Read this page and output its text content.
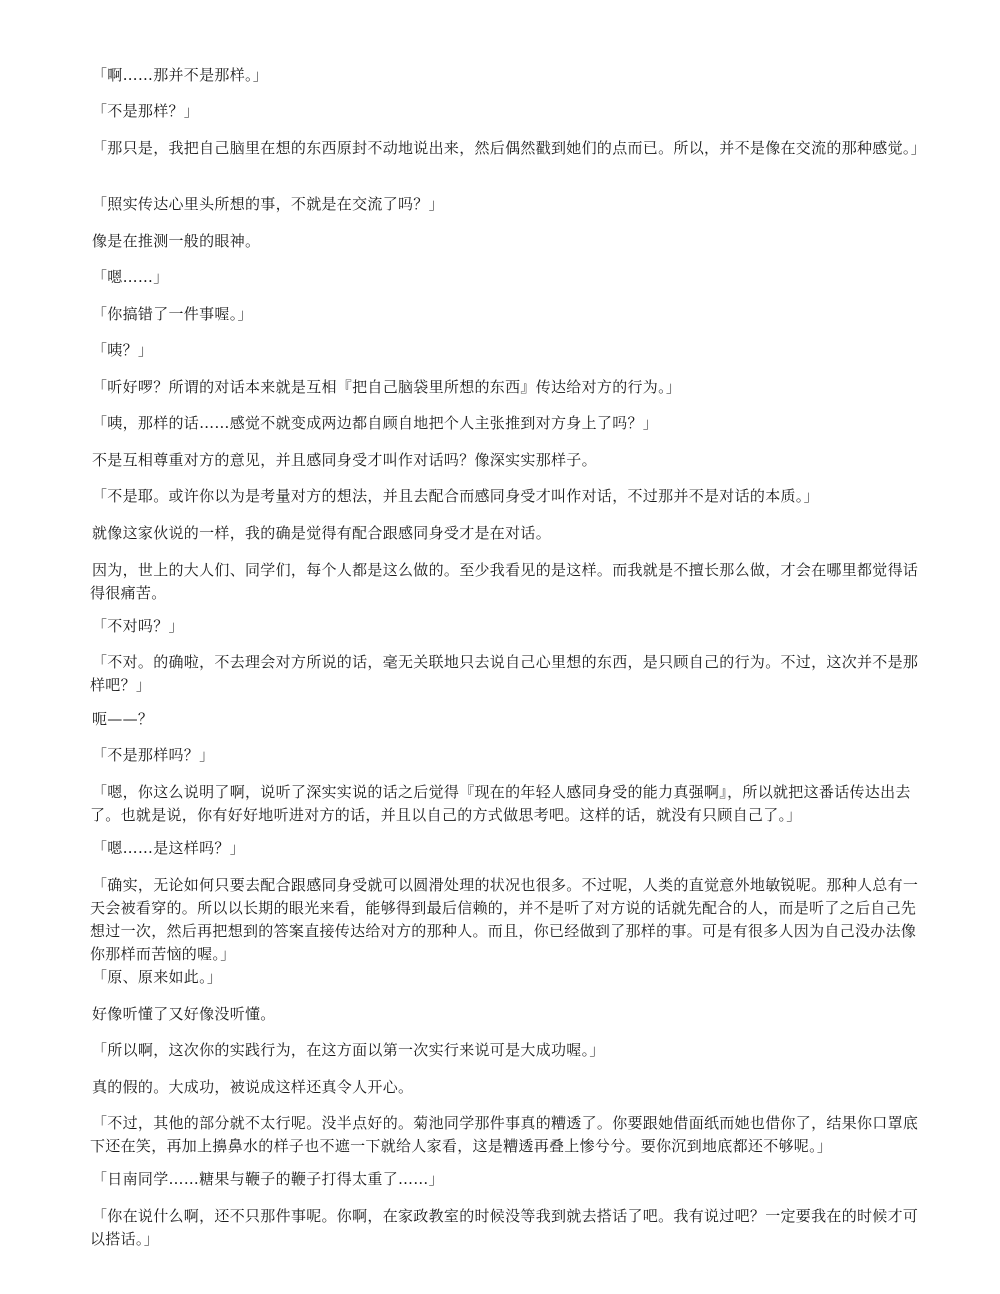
「啊……那并不是那样。」

「不是那样？」

「那只是，我把自己脑里在想的东西原封不动地说出来，然后偶然戳到她们的点而已。所以，并不是像在交流的那种感觉。」

「照实传达心里头所想的事，不就是在交流了吗？」

像是在推测一般的眼神。

「嗯……」

「你搞错了一件事喔。」

「咦？」

「听好啰？所谓的对话本来就是互相『把自己脑袋里所想的东西』传达给对方的行为。」

「咦，那样的话……感觉不就变成两边都自顾自地把个人主张推到对方身上了吗？」

不是互相尊重对方的意见，并且感同身受才叫作对话吗？像深实实那样子。

「不是耶。或许你以为是考量对方的想法，并且去配合而感同身受才叫作对话，不过那并不是对话的本质。」

就像这家伙说的一样，我的确是觉得有配合跟感同身受才是在对话。

因为，世上的大人们、同学们，每个人都是这么做的。至少我看见的是这样。而我就是不擅长那么做，才会在哪里都觉得话得很痛苦。

「不对吗？」

「不对。的确啦，不去理会对方所说的话，毫无关联地只去说自己心里想的东西，是只顾自己的行为。不过，这次并不是那样吧？」

呃——？

「不是那样吗？」

「嗯，你这么说明了啊，说听了深实实说的话之后觉得『现在的年轻人感同身受的能力真强啊』，所以就把这番话传达出去了。也就是说，你有好好地听进对方的话，并且以自己的方式做思考吧。这样的话，就没有只顾自己了。」

「嗯……是这样吗？」

「确实，无论如何只要去配合跟感同身受就可以圆滑处理的状况也很多。不过呢，人类的直觉意外地敏锐呢。那种人总有一天会被看穿的。所以以长期的眼光来看，能够得到最后信赖的，并不是听了对方说的话就先配合的人，而是听了之后自己先想过一次，然后再把想到的答案直接传达给对方的那种人。而且，你已经做到了那样的事。可是有很多人因为自己没办法像你那样而苦恼的喔。」

「原、原来如此。」

好像听懂了又好像没听懂。

「所以啊，这次你的实践行为，在这方面以第一次实行来说可是大成功喔。」

真的假的。大成功，被说成这样还真令人开心。

「不过，其他的部分就不太行呢。没半点好的。菊池同学那件事真的糟透了。你要跟她借面纸而她也借你了，结果你口罩底下还在笑，再加上擤鼻水的样子也不遮一下就给人家看，这是糟透再叠上惨兮兮。要你沉到地底都还不够呢。」

「日南同学……糖果与鞭子的鞭子打得太重了……」

「你在说什么啊，还不只那件事呢。你啊，在家政教室的时候没等我到就去搭话了吧。我有说过吧？一定要我在的时候才可以搭话。」
